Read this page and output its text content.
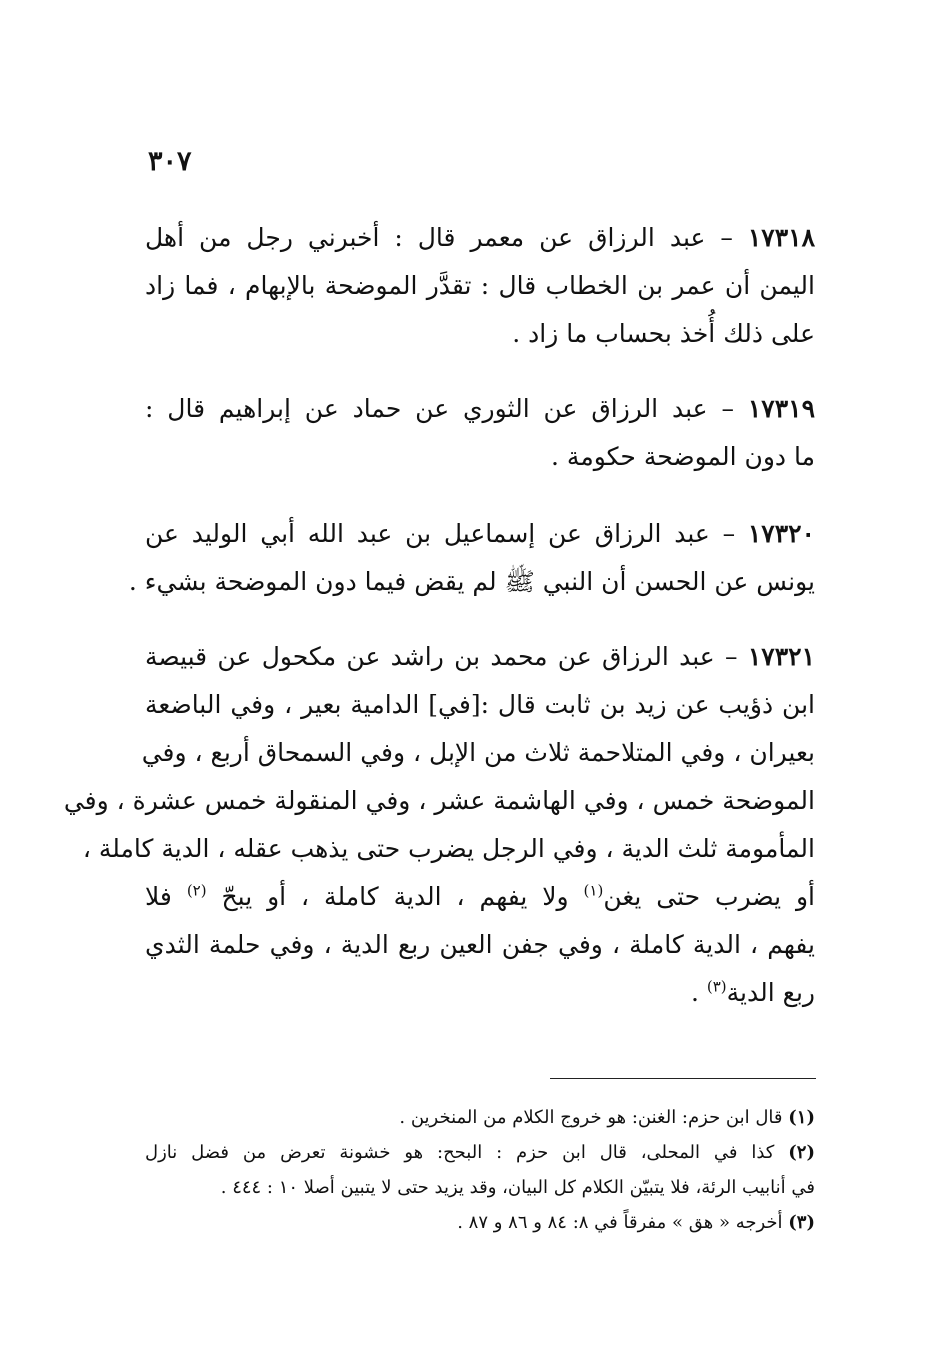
٣٠٧
١٧٣١٨ – عبد الرزاق عن معمر قال : أخبرني رجل من أهل
اليمن أن عمر بن الخطاب قال : تقدَّر الموضحة بالإبهام ، فما زاد
على ذلك أُخذ بحساب ما زاد .
١٧٣١٩ – عبد الرزاق عن الثوري عن حماد عن إبراهيم قال :
ما دون الموضحة حكومة .
١٧٣٢٠ – عبد الرزاق عن إسماعيل بن عبد الله أبي الوليد عن
يونس عن الحسن أن النبي ﷺ لم يقض فيما دون الموضحة بشيء .
١٧٣٢١ – عبد الرزاق عن محمد بن راشد عن مكحول عن قبيصة
ابن ذؤيب عن زيد بن ثابت قال :[في] الدامية بعير ، وفي الباضعة
بعيران ، وفي المتلاحمة ثلاث من الإبل ، وفي السمحاق أربع ، وفي
الموضحة خمس ، وفي الهاشمة عشر ، وفي المنقولة خمس عشرة ، وفي
المأمومة ثلث الدية ، وفي الرجل يضرب حتى يذهب عقله ، الدية كاملة ،
أو يضرب حتى يغن$^{(١)}$ ولا يفهم ، الدية كاملة ، أو يبحّ $^{(٢)}$ فلا
يفهم ، الدية كاملة ، وفي جفن العين ربع الدية ، وفي حلمة الثدي
ربع الدية$^{(٣)}$ .
(١) قال ابن حزم: الغنن: هو خروج الكلام من المنخرين .
(٢) كذا في المحلى، قال ابن حزم : البحح: هو خشونة تعرض من فضل نازل
في أنابيب الرئة، فلا يتبيّن الكلام كل البيان، وقد يزيد حتى لا يتبين أصلا ١٠ : ٤٤٤ .
(٣) أخرجه « هق » مفرقاً في ٨: ٨٤ و ٨٦ و ٨٧ .
